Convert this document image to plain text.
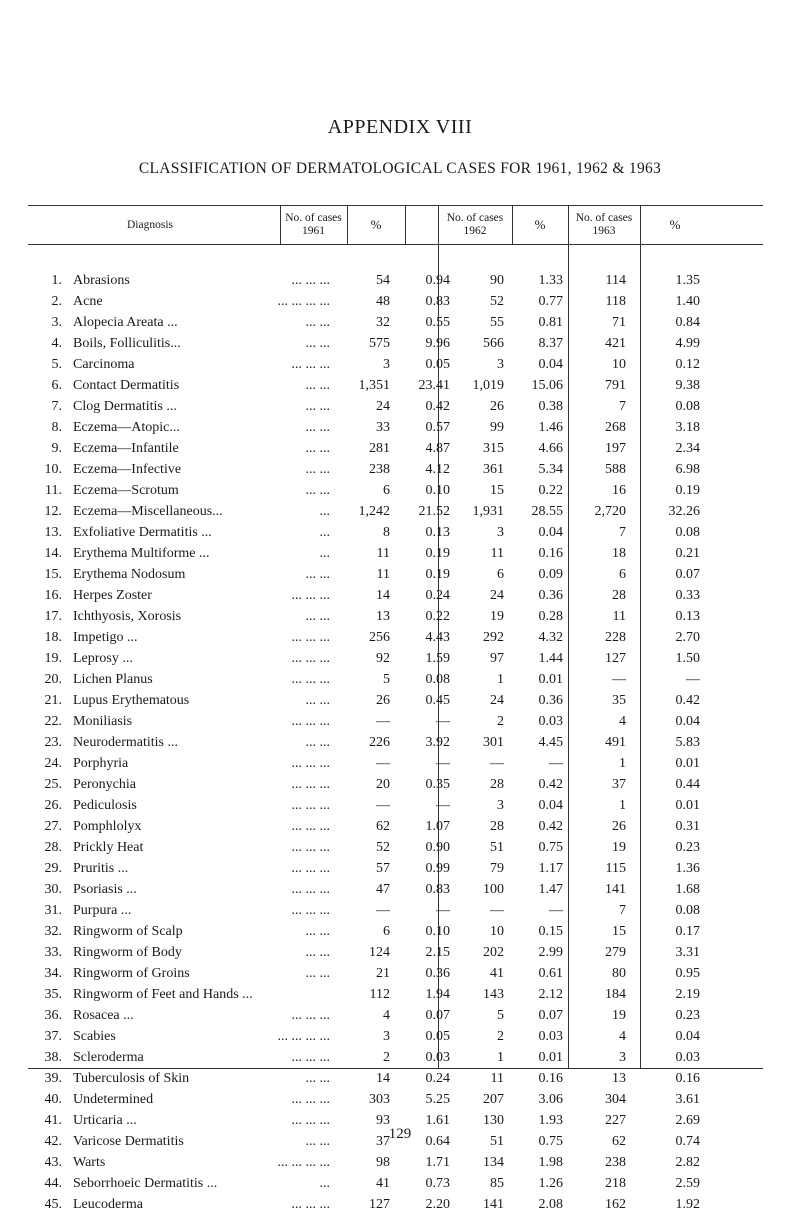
APPENDIX VIII
CLASSIFICATION OF DERMATOLOGICAL CASES FOR 1961, 1962 & 1963
Diagnosis
No. of cases
1961	%	No. of cases
1962	%	No. of cases
1963	%
1. Abrasions	54	0.94	90	1.33	114	1.35
... ... ...
2. Acne	48	0.83	52	0.77	118	1.40
... ... ... ...
3. Alopecia Areata ...	32	0.55	55	0.81	71	0.84
... ...
4. Boils, Folliculitis...	575	9.96	566	8.37	421	4.99
... ...
5. Carcinoma	3	0.05	3	0.04	10	0.12
... ... ...
6. Contact Dermatitis	1,351	23.41	1,019	15.06	791	9.38
... ...
7. Clog Dermatitis ...	24	0.42	26	0.38	7	0.08
... ...
8. Eczema—Atopic...	33	0.57	99	1.46	268	3.18
... ...
9. Eczema—Infantile	281	4.87	315	4.66	197	2.34
... ...
10. Eczema—Infective	238	4.12	361	5.34	588	6.98
... ...
11. Eczema—Scrotum	6	0.10	15	0.22	16	0.19
... ...
12. Eczema—Miscellaneous...	1,242	21.52	1,931	28.55	2,720	32.26
...
13. Exfoliative Dermatitis ...	8	0.13	3	0.04	7	0.08
...
14. Erythema Multiforme ...	11	0.19	11	0.16	18	0.21
...
15. Erythema Nodosum	11	0.19	6	0.09	6	0.07
... ...
16. Herpes Zoster	14	0.24	24	0.36	28	0.33
... ... ...
17. Ichthyosis, Xorosis	13	0.22	19	0.28	11	0.13
... ...
18. Impetigo ...	256	4.43	292	4.32	228	2.70
... ... ...
19. Leprosy ...	92	1.59	97	1.44	127	1.50
... ... ...
20. Lichen Planus	5	0.08	1	0.01	—	—
... ... ...
21. Lupus Erythematous	26	0.45	24	0.36	35	0.42
... ...
22. Moniliasis	—	—	2	0.03	4	0.04
... ... ...
23. Neurodermatitis ...	226	3.92	301	4.45	491	5.83
... ...
24. Porphyria	—	—	—	—	1	0.01
... ... ...
25. Peronychia	20	0.35	28	0.42	37	0.44
... ... ...
26. Pediculosis	—	—	3	0.04	1	0.01
... ... ...
27. Pomphlolyx	62	1.07	28	0.42	26	0.31
... ... ...
28. Prickly Heat	52	0.90	51	0.75	19	0.23
... ... ...
29. Pruritis ...	57	0.99	79	1.17	115	1.36
... ... ...
30. Psoriasis ...	47	0.83	100	1.47	141	1.68
... ... ...
31. Purpura ...	—	—	—	—	7	0.08
... ... ...
32. Ringworm of Scalp	6	0.10	10	0.15	15	0.17
... ...
33. Ringworm of Body	124	2.15	202	2.99	279	3.31
... ...
34. Ringworm of Groins	21	0.36	41	0.61	80	0.95
... ...
35. Ringworm of Feet and Hands ...	112	1.94	143	2.12	184	2.19
36. Rosacea ...	4	0.07	5	0.07	19	0.23
... ... ...
37. Scabies	3	0.05	2	0.03	4	0.04
... ... ... ...
38. Scleroderma	2	0.03	1	0.01	3	0.03
... ... ...
39. Tuberculosis of Skin	14	0.24	11	0.16	13	0.16
... ...
40. Undetermined	303	5.25	207	3.06	304	3.61
... ... ...
41. Urticaria ...	93	1.61	130	1.93	227	2.69
... ... ...
42. Varicose Dermatitis	37	0.64	51	0.75	62	0.74
... ...
43. Warts	98	1.71	134	1.98	238	2.82
... ... ... ...
44. Seborrhoeic Dermatitis ...	41	0.73	85	1.26	218	2.59
...
45. Leucoderma	127	2.20	141	2.08	162	1.92
... ... ...
129
